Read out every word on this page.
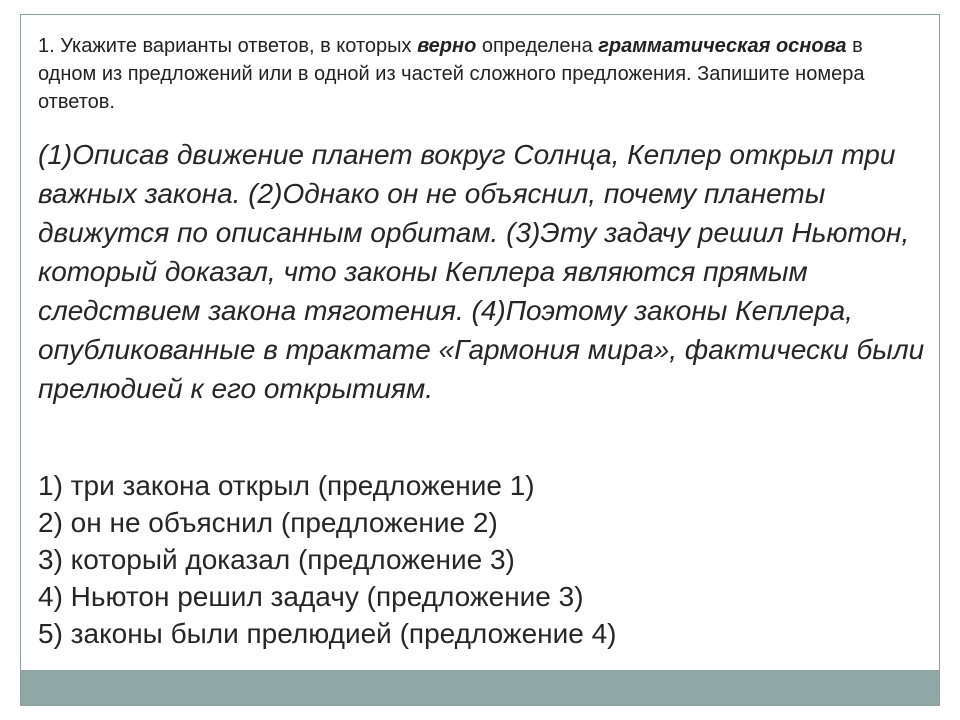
1. Укажите варианты ответов, в которых верно определена грамматическая основа в одном из предложений или в одной из частей сложного предложения. Запишите номера ответов.

(1)Описав движение планет вокруг Солнца, Кеплер открыл три важных закона. (2)Однако он не объяснил, почему планеты движутся по описанным орбитам. (3)Эту задачу решил Ньютон, который доказал, что законы Кеплера являются прямым следствием закона тяготения. (4)Поэтому законы Кеплера, опубликованные в трактате «Гармония мира», фактически были прелюдией к его открытиям.

1) три закона открыл (предложение 1)
2) он не объяснил (предложение 2)
3) который доказал (предложение 3)
4) Ньютон решил задачу (предложение 3)
5) законы были прелюдией (предложение 4)
